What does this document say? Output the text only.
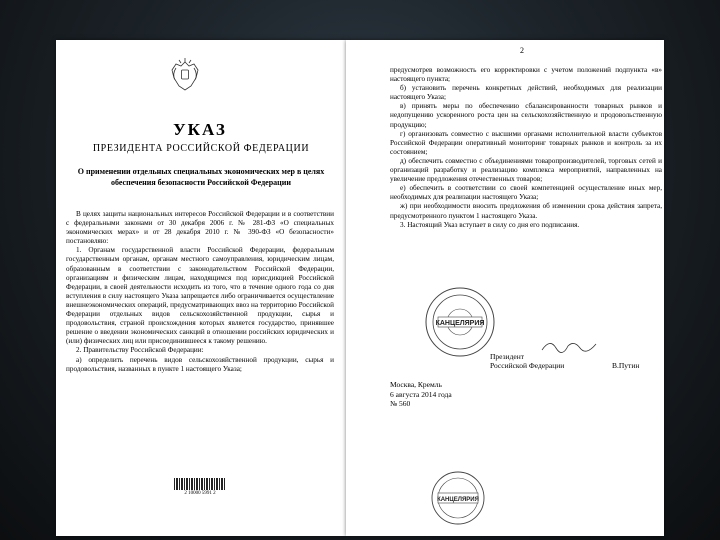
УКАЗ
ПРЕЗИДЕНТА РОССИЙСКОЙ ФЕДЕРАЦИИ
О применении отдельных специальных экономических мер в целях обеспечения безопасности Российской Федерации

В целях защиты национальных интересов Российской Федерации и в соответствии с федеральными законами от 30 декабря 2006 г. № 281-ФЗ «О специальных экономических мерах» и от 28 декабря 2010 г. № 390-ФЗ «О безопасности» постановляю:

1. Органам государственной власти Российской Федерации, федеральным государственным органам, органам местного самоуправления, юридическим лицам, образованным в соответствии с законодательством Российской Федерации, организациям и физическим лицам, находящимся под юрисдикцией Российской Федерации, в своей деятельности исходить из того, что в течение одного года со дня вступления в силу настоящего Указа запрещается либо ограничивается осуществление внешнеэкономических операций, предусматривающих ввоз на территорию Российской Федерации отдельных видов сельскохозяйственной продукции, сырья и продовольствия, страной происхождения которых является государство, принявшее решение о введении экономических санкций в отношении российских юридических и (или) физических лиц или присоединившееся к такому решению.

2. Правительству Российской Федерации:

а) определить перечень видов сельскохозяйственной продукции, сырья и продовольствия, названных в пункте 1 настоящего Указа;

2 10000 5991 2
2

предусмотрев возможность его корректировки с учетом положений подпункта «в» настоящего пункта;

б) установить перечень конкретных действий, необходимых для реализации настоящего Указа;

в) принять меры по обеспечению сбалансированности товарных рынков и недопущению ускоренного роста цен на сельскохозяйственную и продовольственную продукцию;

г) организовать совместно с высшими органами исполнительной власти субъектов Российской Федерации оперативный мониторинг товарных рынков и контроль за их состоянием;

д) обеспечить совместно с объединениями товаропроизводителей, торговых сетей и организаций разработку и реализацию комплекса мероприятий, направленных на увеличение предложения отечественных товаров;

е) обеспечить в соответствии со своей компетенцией осуществление иных мер, необходимых для реализации настоящего Указа;

ж) при необходимости вносить предложения об изменении срока действия запрета, предусмотренного пунктом 1 настоящего Указа.

3. Настоящий Указ вступает в силу со дня его подписания.

КАНЦЕЛЯРИЯ
Президент
Российской Федерации	В.Путин
Москва, Кремль
6 августа 2014 года
№ 560
КАНЦЕЛЯРИЯ
